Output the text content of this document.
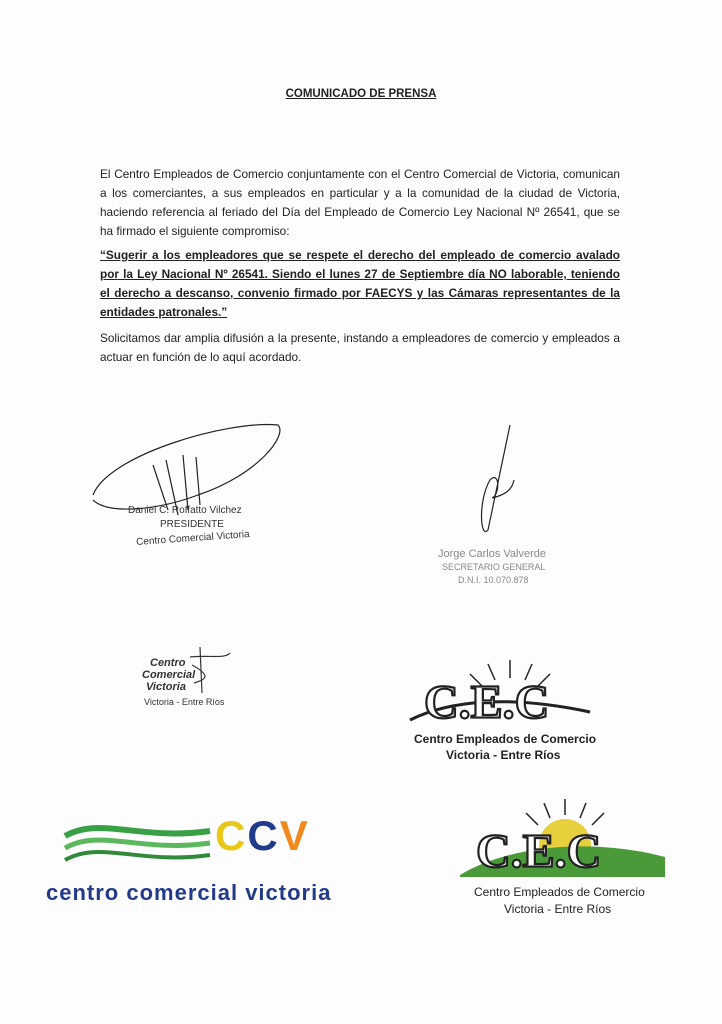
COMUNICADO DE PRENSA

El Centro Empleados de Comercio conjuntamente con el Centro Comercial de Victoria, comunican a los comerciantes, a sus empleados en particular y a la comunidad de la ciudad de Victoria, haciendo referencia al feriado del Día del Empleado de Comercio Ley Nacional Nº 26541, que se ha firmado el siguiente compromiso:

“Sugerir a los empleadores que se respete el derecho del empleado de comercio avalado por la Ley Nacional Nº 26541. Siendo el lunes 27 de Septiembre día NO laborable, teniendo el derecho a descanso, convenio firmado por FAECYS y las Cámaras representantes de la entidades patronales.”

Solicitamos dar amplia difusión a la presente, instando a empleadores de comercio y empleados a actuar en función de lo aquí acordado.

Daniel C. Roffatto Vilchez
PRESIDENTE
Centro Comercial Victoria
Jorge Carlos Valverde
SECRETARIO GENERAL
D.N.I. 10.070.878
Centro
Comercial
Victoria
Victoria - Entre Ríos	C.E.C
Centro Empleados de Comercio
Victoria - Entre Ríos
CCV
centro comercial victoria
C.E.C
Centro Empleados de Comercio
Victoria - Entre Ríos
